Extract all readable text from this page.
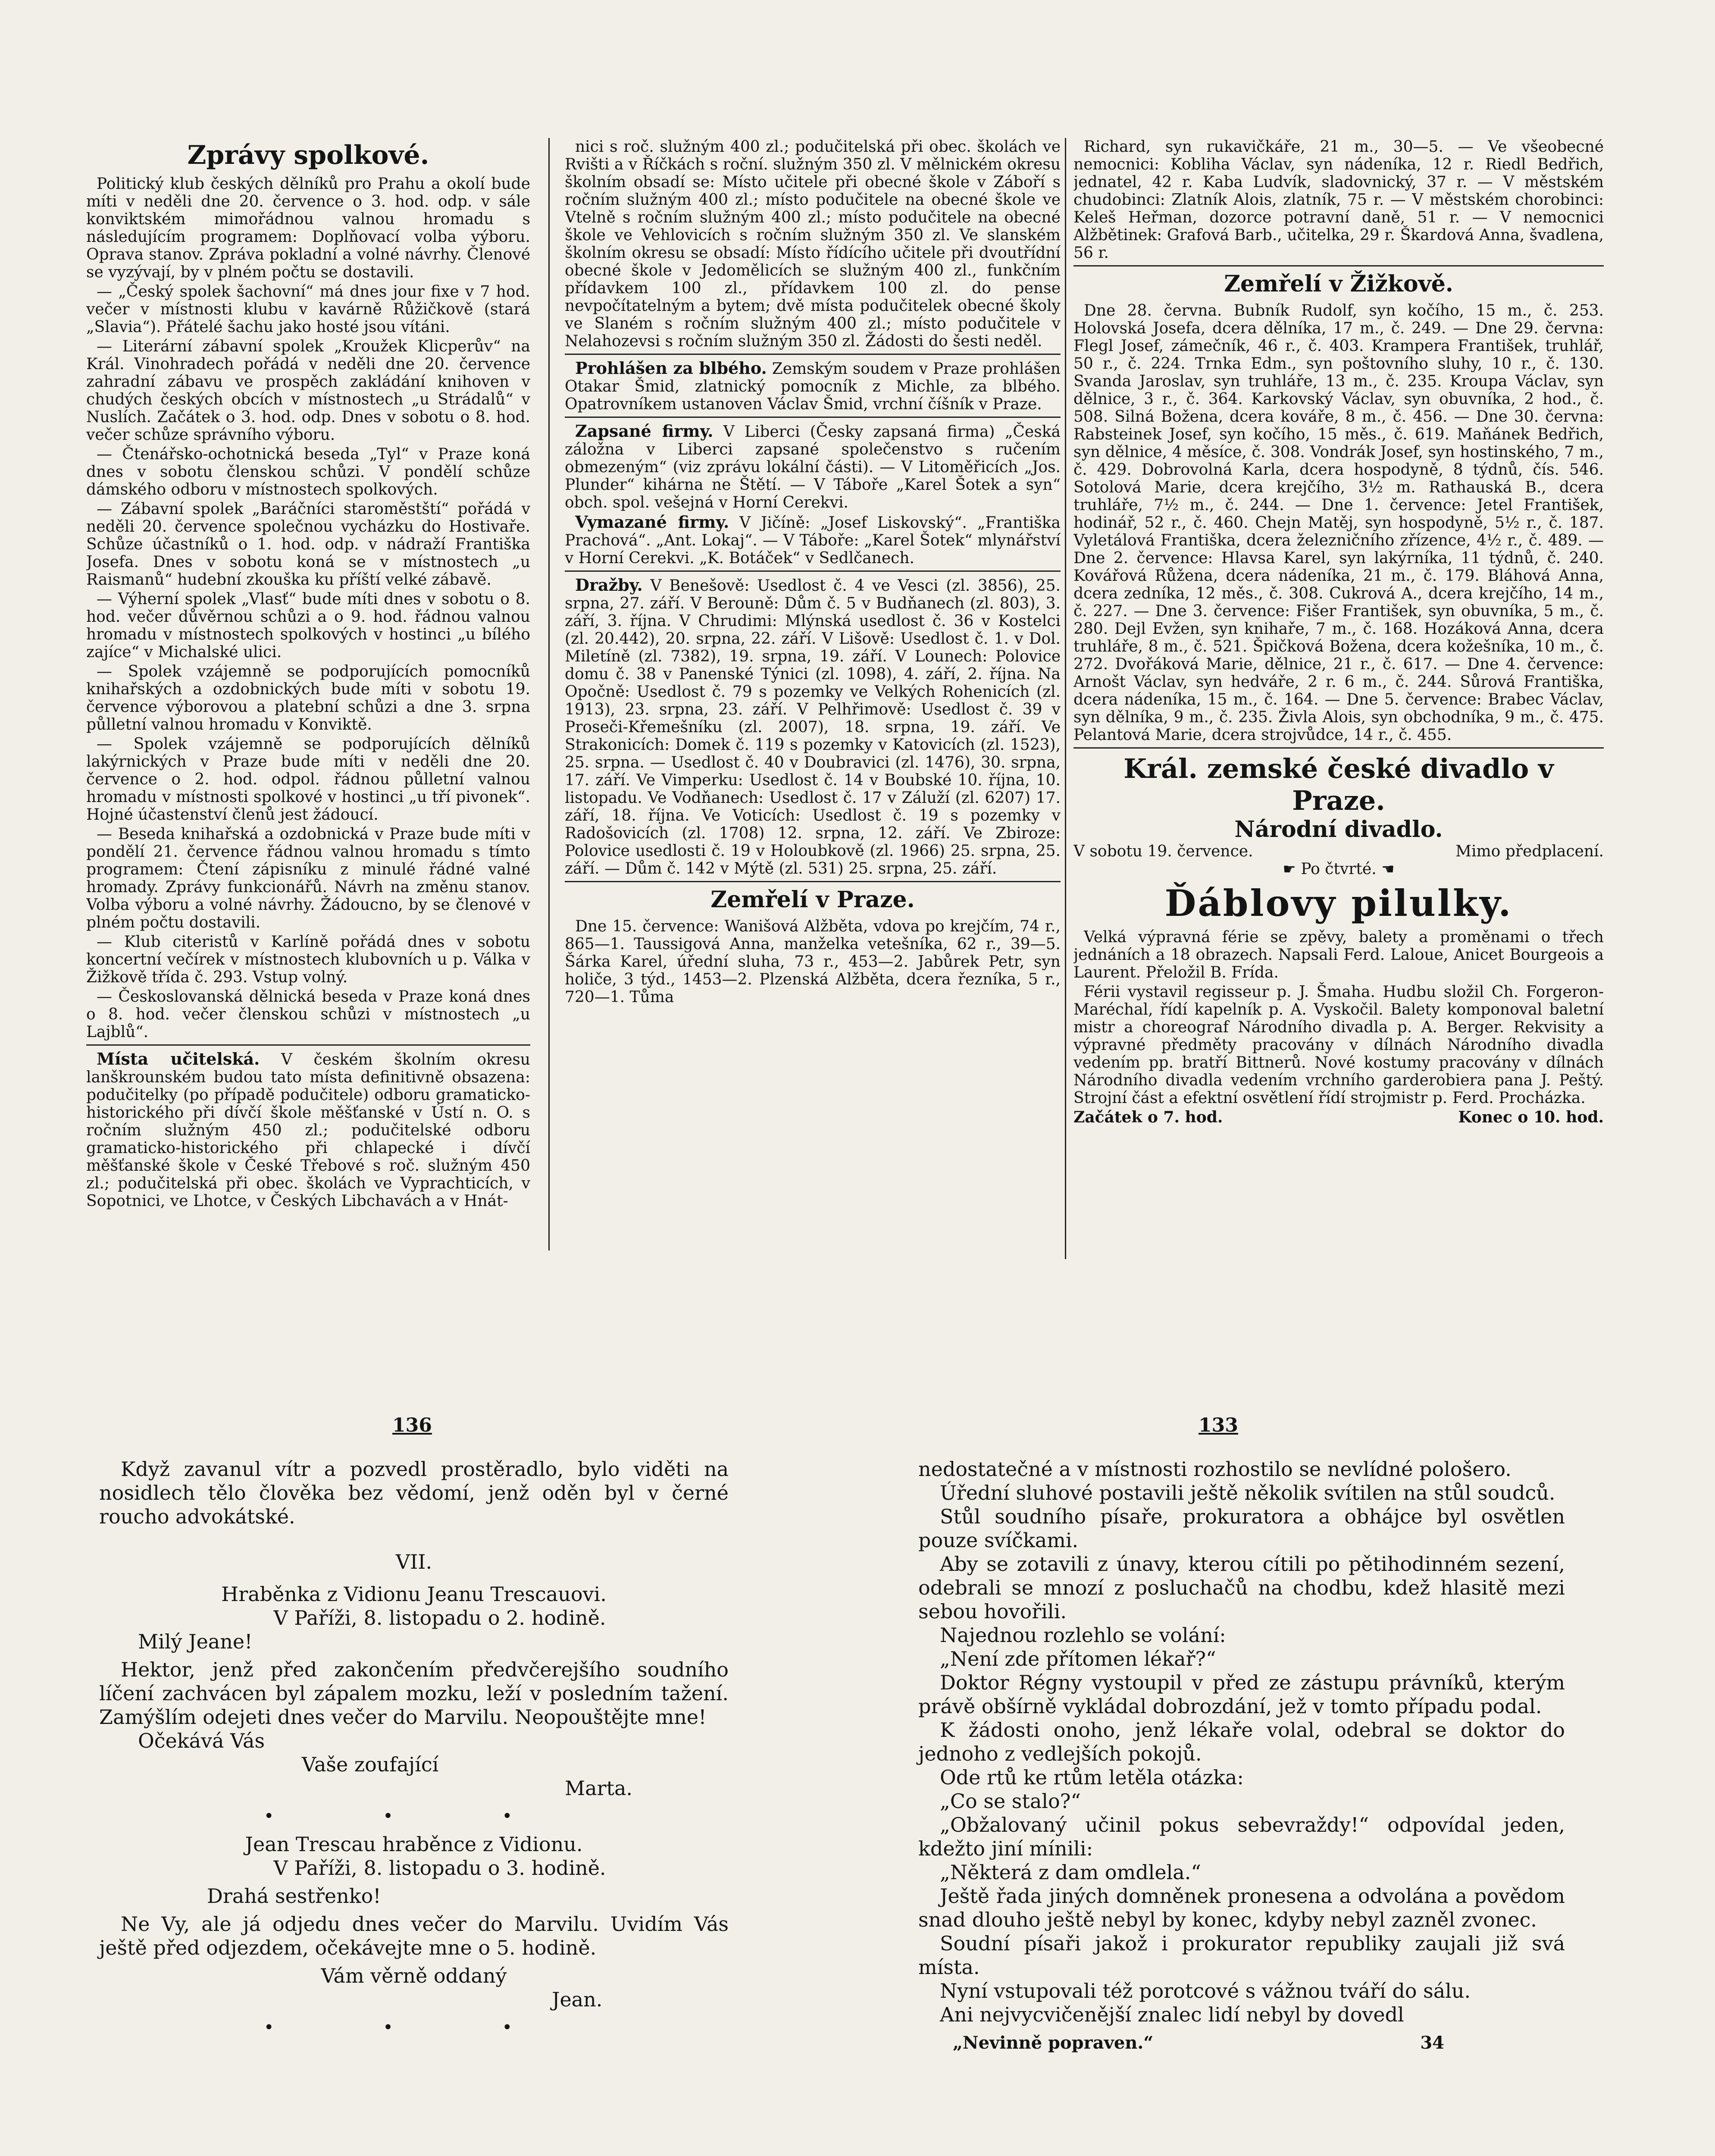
Zprávy spolkové.

Politický klub českých dělníků pro Prahu a okolí bude míti v neděli dne 20. července o 3. hod. odp. v sále konviktském mimořádnou valnou hromadu s následujícím programem: Doplňovací volba výboru. Oprava stanov. Zpráva pokladní a volné návrhy. Členové se vyzývají, by v plném počtu se dostavili.

— „Český spolek šachovní“ má dnes jour fixe v 7 hod. večer v místnosti klubu v kavárně Růžičkově (stará „Slavia“). Přátelé šachu jako hosté jsou vítáni.

— Literární zábavní spolek „Kroužek Klicperův“ na Král. Vinohradech pořádá v neděli dne 20. července zahradní zábavu ve prospěch zakládání knihoven v chudých českých obcích v místnostech „u Strádalů“ v Nuslích. Začátek o 3. hod. odp. Dnes v sobotu o 8. hod. večer schůze správního výboru.

— Čtenářsko-ochotnická beseda „Tyl“ v Praze koná dnes v sobotu členskou schůzi. V pondělí schůze dámského odboru v místnostech spolkových.

— Zábavní spolek „Baráčníci staroměstští“ pořádá v neděli 20. července společnou vycházku do Hostivaře. Schůze účastníků o 1. hod. odp. v nádraží Františka Josefa. Dnes v sobotu koná se v místnostech „u Raismanů“ hudební zkouška ku příští velké zábavě.

— Výherní spolek „Vlasť“ bude míti dnes v sobotu o 8. hod. večer důvěrnou schůzi a o 9. hod. řádnou valnou hromadu v místnostech spolkových v hostinci „u bílého zajíce“ v Michalské ulici.

— Spolek vzájemně se podporujících pomocníků knihařských a ozdobnických bude míti v sobotu 19. července výborovou a platební schůzi a dne 3. srpna půlletní valnou hromadu v Konviktě.

— Spolek vzájemně se podporujících dělníků lakýrnických v Praze bude míti v neděli dne 20. července o 2. hod. odpol. řádnou půlletní valnou hromadu v místnosti spolkové v hostinci „u tří pivonek“. Hojné účastenství členů jest žádoucí.

— Beseda knihařská a ozdobnická v Praze bude míti v pondělí 21. července řádnou valnou hromadu s tímto programem: Čtení zápisníku z minulé řádné valné hromady. Zprávy funkcionářů. Návrh na změnu stanov. Volba výboru a volné návrhy. Žádoucno, by se členové v plném počtu dostavili.

— Klub citeristů v Karlíně pořádá dnes v sobotu koncertní večírek v místnostech klubovních u p. Válka v Žižkově třída č. 293. Vstup volný.

— Českoslovanská dělnická beseda v Praze koná dnes o 8. hod. večer členskou schůzi v místnostech „u Lajblů“.

Místa učitelská. V českém školním okresu lanškrounském budou tato místa definitivně obsazena: podučitelky (po případě podučitele) odboru gramaticko-historického při dívčí škole měšťanské v Ústí n. O. s ročním služným 450 zl.; podučitelské odboru gramaticko-historického při chlapecké i dívčí měšťanské škole v České Třebové s roč. služným 450 zl.; podučitelská při obec. školách ve Vyprachticích, v Sopotnici, ve Lhotce, v Českých Libchavách a v Hnát-

nici s roč. služným 400 zl.; podučitelská při obec. školách ve Rvišti a v Říčkách s roční. služným 350 zl. V mělnickém okresu školním obsadí se: Místo učitele při obecné škole v Záboří s ročním služným 400 zl.; místo podučitele na obecné škole ve Vtelně s ročním služným 400 zl.; místo podučitele na obecné škole ve Vehlovicích s ročním služným 350 zl. Ve slanském školním okresu se obsadí: Místo řídícího učitele při dvoutřídní obecné škole v Jedomělicích se služným 400 zl., funkčním přídavkem 100 zl., přídavkem 100 zl. do pense nevpočítatelným a bytem; dvě místa podučitelek obecné školy ve Slaném s ročním služným 400 zl.; místo podučitele v Nelahozevsi s ročním služným 350 zl. Žádosti do šesti neděl.

Prohlášen za blbého. Zemským soudem v Praze prohlášen Otakar Šmid, zlatnický pomocník z Michle, za blbého. Opatrovníkem ustanoven Václav Šmid, vrchní číšník v Praze.

Zapsané firmy. V Liberci (Česky zapsaná firma) „Česká záložna v Liberci zapsané společenstvo s ručením obmezeným“ (viz zprávu lokální části). — V Litoměřicích „Jos. Plunder“ kihárna ne Štětí. — V Táboře „Karel Šotek a syn“ obch. spol. vešejná v Horní Cerekvi.

Vymazané firmy. V Jičíně: „Josef Liskovský“. „Františka Prachová“. „Ant. Lokaj“. — V Táboře: „Karel Šotek“ mlynářství v Horní Cerekvi. „K. Botáček“ v Sedlčanech.

Dražby. V Benešově: Usedlost č. 4 ve Vesci (zl. 3856), 25. srpna, 27. září. V Berouně: Dům č. 5 v Budňanech (zl. 803), 3. září, 3. října. V Chrudimi: Mlýnská usedlost č. 36 v Kostelci (zl. 20.442), 20. srpna, 22. září. V Lišově: Usedlost č. 1. v Dol. Miletíně (zl. 7382), 19. srpna, 19. září. V Lounech: Polovice domu č. 38 v Panenské Týnici (zl. 1098), 4. září, 2. října. Na Opočně: Usedlost č. 79 s pozemky ve Velkých Rohenicích (zl. 1913), 23. srpna, 23. září. V Pelhřimově: Usedlost č. 39 v Proseči-Křemešníku (zl. 2007), 18. srpna, 19. září. Ve Strakonicích: Domek č. 119 s pozemky v Katovicích (zl. 1523), 25. srpna. — Usedlost č. 40 v Doubravici (zl. 1476), 30. srpna, 17. září. Ve Vimperku: Usedlost č. 14 v Boubské 10. října, 10. listopadu. Ve Vodňanech: Usedlost č. 17 v Záluží (zl. 6207) 17. září, 18. října. Ve Voticích: Usedlost č. 19 s pozemky v Radošovicích (zl. 1708) 12. srpna, 12. září. Ve Zbiroze: Polovice usedlosti č. 19 v Holoubkově (zl. 1966) 25. srpna, 25. září. — Dům č. 142 v Mýtě (zl. 531) 25. srpna, 25. září.

Zemřelí v Praze.

Dne 15. července: Wanišová Alžběta, vdova po krejčím, 74 r., 865—1. Taussigová Anna, manželka vetešníka, 62 r., 39—5. Šárka Karel, úřední sluha, 73 r., 453—2. Jabůrek Petr, syn holiče, 3 týd., 1453—2. Plzenská Alžběta, dcera řezníka, 5 r., 720—1. Tůma

Richard, syn rukavičkáře, 21 m., 30—5. — Ve všeobecné nemocnici: Kobliha Václav, syn nádeníka, 12 r. Riedl Bedřich, jednatel, 42 r. Kaba Ludvík, sladovnický, 37 r. — V městském chudobinci: Zlatník Alois, zlatník, 75 r. — V městském chorobinci: Keleš Heřman, dozorce potravní daně, 51 r. — V nemocnici Alžbětinek: Grafová Barb., učitelka, 29 r. Škardová Anna, švadlena, 56 r.

Zemřelí v Žižkově.

Dne 28. června. Bubník Rudolf, syn kočího, 15 m., č. 253. Holovská Josefa, dcera dělníka, 17 m., č. 249. — Dne 29. června: Flegl Josef, zámečník, 46 r., č. 403. Krampera František, truhlář, 50 r., č. 224. Trnka Edm., syn poštovního sluhy, 10 r., č. 130. Svanda Jaroslav, syn truhláře, 13 m., č. 235. Kroupa Václav, syn dělnice, 3 r., č. 364. Karkovský Václav, syn obuvníka, 2 hod., č. 508. Silná Božena, dcera kováře, 8 m., č. 456. — Dne 30. června: Rabsteinek Josef, syn kočího, 15 měs., č. 619. Maňánek Bedřich, syn dělnice, 4 měsíce, č. 308. Vondrák Josef, syn hostinského, 7 m., č. 429. Dobrovolná Karla, dcera hospodyně, 8 týdnů, čís. 546. Sotolová Marie, dcera krejčího, 3½ m. Rathauská B., dcera truhláře, 7½ m., č. 244. — Dne 1. července: Jetel František, hodinář, 52 r., č. 460. Chejn Matěj, syn hospodyně, 5½ r., č. 187. Vyletálová Františka, dcera železničního zřízence, 4½ r., č. 489. — Dne 2. července: Hlavsa Karel, syn lakýrníka, 11 týdnů, č. 240. Kovářová Růžena, dcera nádeníka, 21 m., č. 179. Bláhová Anna, dcera zedníka, 12 měs., č. 308. Cukrová A., dcera krejčího, 14 m., č. 227. — Dne 3. července: Fišer František, syn obuvníka, 5 m., č. 280. Dejl Evžen, syn knihaře, 7 m., č. 168. Hozáková Anna, dcera truhláře, 8 m., č. 521. Špičková Božena, dcera kožešníka, 10 m., č. 272. Dvořáková Marie, dělnice, 21 r., č. 617. — Dne 4. července: Arnošt Václav, syn hedváře, 2 r. 6 m., č. 244. Sůrová Františka, dcera nádeníka, 15 m., č. 164. — Dne 5. července: Brabec Václav, syn dělníka, 9 m., č. 235. Živla Alois, syn obchodníka, 9 m., č. 475. Pelantová Marie, dcera strojvůdce, 14 r., č. 455.

Král. zemské české divadlo v Praze.
Národní divadlo.
V sobotu 19. července.	Mimo předplacení.
☛ Po čtvrté. ☚
Ďáblovy pilulky.

Velká výpravná férie se zpěvy, balety a proměnami o třech jednáních a 18 obrazech. Napsali Ferd. Laloue, Anicet Bourgeois a Laurent. Přeložil B. Frída.

Férii vystavil regisseur p. J. Šmaha. Hudbu složil Ch. Forgeron-Maréchal, řídí kapelník p. A. Vyskočil. Balety komponoval baletní mistr a choreograf Národního divadla p. A. Berger. Rekvisity a výpravné předměty pracovány v dílnách Národního divadla vedením pp. bratří Bittnerů. Nové kostumy pracovány v dílnách Národního divadla vedením vrchního garderobiera pana J. Peštý. Strojní část a efektní osvětlení řídí strojmistr p. Ferd. Procházka.

Začátek o 7. hod.	Konec o 10. hod.
136	133

Když zavanul vítr a pozvedl prostěradlo, bylo viděti na nosidlech tělo člověka bez vědomí, jenž oděn byl v černé roucho advokátské.

VII.
Hraběnka z Vidionu Jeanu Trescauovi.
V Paříži, 8. listopadu o 2. hodině.
Milý Jeane!

Hektor, jenž před zakončením předvčerejšího soudního líčení zachvácen byl zápalem mozku, leží v posledním tažení. Zamýšlím odejeti dnes večer do Marvilu. Neopouštějte mne!

Očekává Vás
Vaše zoufající
Marta.
• • •
Jean Trescau hraběnce z Vidionu.
V Paříži, 8. listopadu o 3. hodině.
Drahá sestřenko!

Ne Vy, ale já odjedu dnes večer do Marvilu. Uvidím Vás ještě před odjezdem, očekávejte mne o 5. hodině.

Vám věrně oddaný
Jean.
• • •

nedostatečné a v místnosti rozhostilo se nevlídné pološero.

Úřední sluhové postavili ještě několik svítilen na stůl soudců.

Stůl soudního písaře, prokuratora a obhájce byl osvětlen pouze svíčkami.

Aby se zotavili z únavy, kterou cítili po pětihodinném sezení, odebrali se mnozí z posluchačů na chodbu, kdež hlasitě mezi sebou hovořili.

Najednou rozlehlo se volání:

„Není zde přítomen lékař?“

Doktor Régny vystoupil v před ze zástupu právníků, kterým právě obšírně vykládal dobrozdání, jež v tomto případu podal.

K žádosti onoho, jenž lékaře volal, odebral se doktor do jednoho z vedlejších pokojů.

Ode rtů ke rtům letěla otázka:

„Co se stalo?“

„Obžalovaný učinil pokus sebevraždy!“ odpovídal jeden, kdežto jiní mínili:

„Některá z dam omdlela.“

Ještě řada jiných domněnek pronesena a odvolána a povědom snad dlouho ještě nebyl by konec, kdyby nebyl zazněl zvonec.

Soudní písaři jakož i prokurator republiky zaujali již svá místa.

Nyní vstupovali též porotcové s vážnou tváří do sálu.

Ani nejvycvičenější znalec lidí nebyl by dovedl

„Nevinně popraven.“	34
